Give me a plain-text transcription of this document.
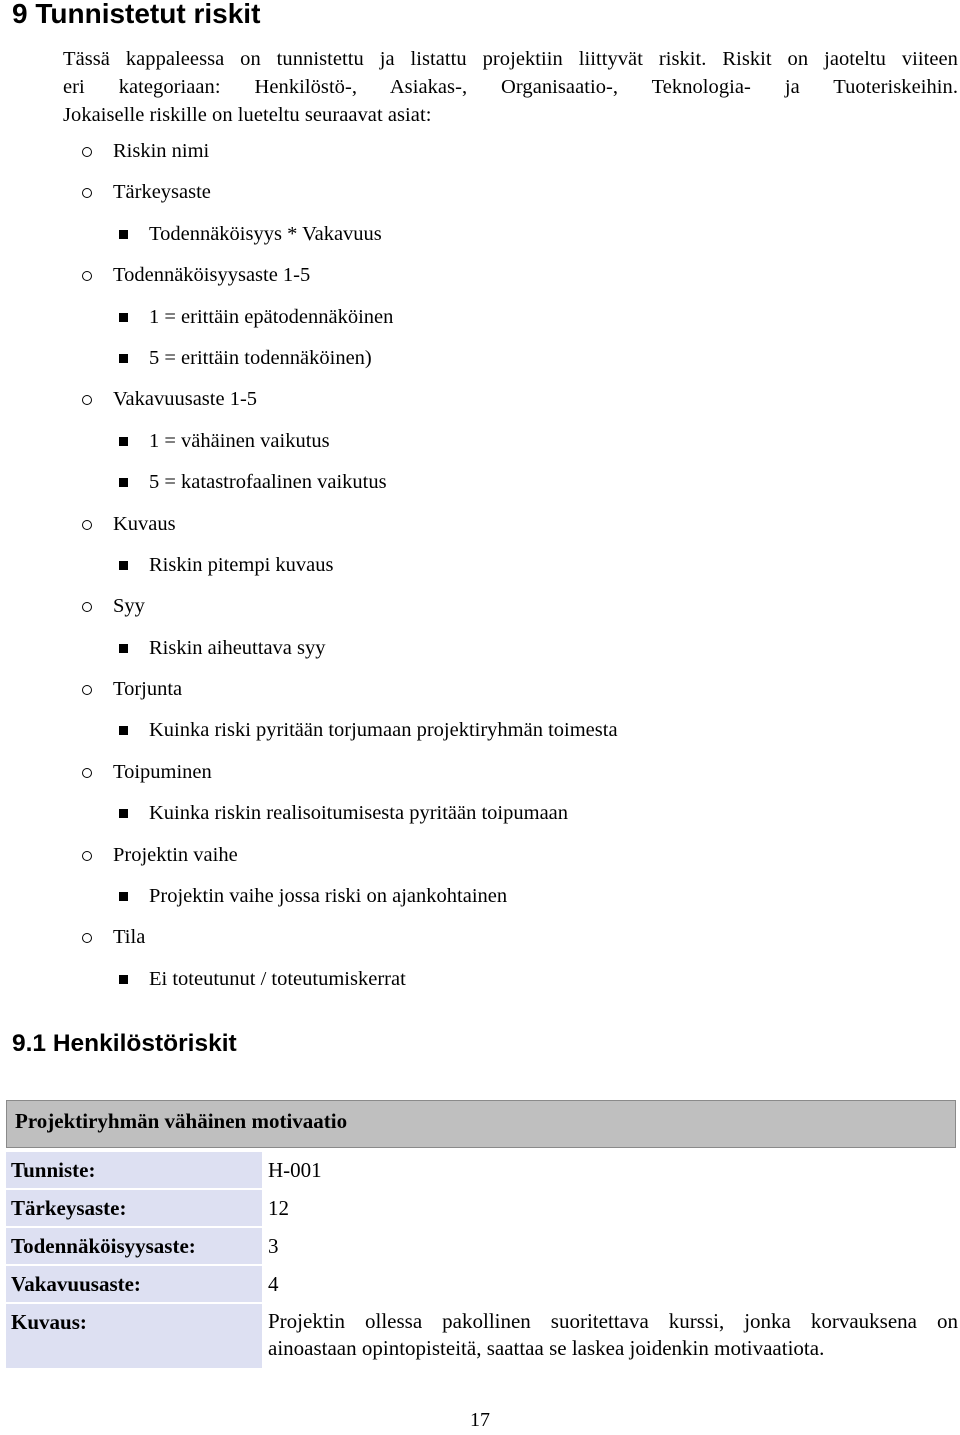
9 Tunnistetut riskit

Tässä kappaleessa on tunnistettu ja listattu projektiin liittyvät riskit. Riskit on jaoteltu viiteen
eri kategoriaan: Henkilöstö-, Asiakas-, Organisaatio-, Teknologia- ja Tuoteriskeihin.
Jokaiselle riskille on lueteltu seuraavat asiat:

Riskin nimi
Tärkeysaste
Todennäköisyys * Vakavuus
Todennäköisyysaste 1-5
1 = erittäin epätodennäköinen
5 = erittäin todennäköinen)
Vakavuusaste 1-5
1 = vähäinen vaikutus
5 = katastrofaalinen vaikutus
Kuvaus
Riskin pitempi kuvaus
Syy
Riskin aiheuttava syy
Torjunta
Kuinka riski pyritään torjumaan projektiryhmän toimesta
Toipuminen
Kuinka riskin realisoitumisesta pyritään toipumaan
Projektin vaihe
Projektin vaihe jossa riski on ajankohtainen
Tila
Ei toteutunut / toteutumiskerrat
9.1 Henkilöstöriskit
Projektiryhmän vähäinen motivaatio
Tunniste:	H-001
Tärkeysaste:	12
Todennäköisyysaste:	3
Vakavuusaste:	4
Kuvaus:	Projektin ollessa pakollinen suoritettava kurssi, jonka korvauksena on
ainoastaan opintopisteitä, saattaa se laskea joidenkin motivaatiota.
17
